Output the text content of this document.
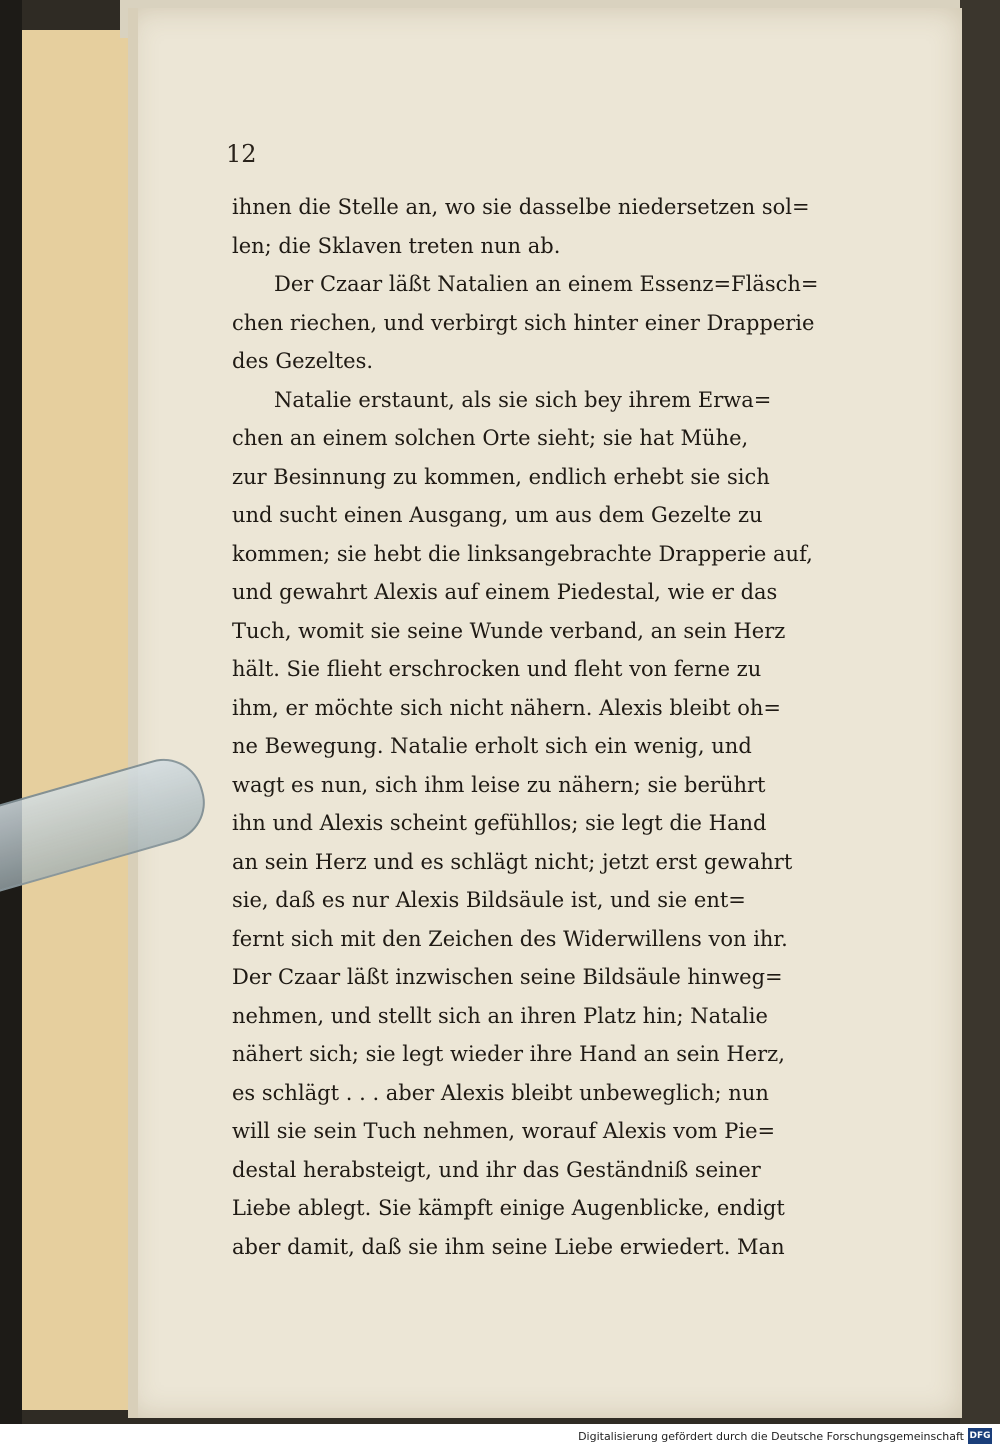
12
ihnen die Stelle an, wo sie dasselbe niedersetzen sol=
len; die Sklaven treten nun ab.
Der Czaar läßt Natalien an einem Essenz=Fläsch=
chen riechen, und verbirgt sich hinter einer Drapperie
des Gezeltes.
Natalie erstaunt, als sie sich bey ihrem Erwa=
chen an einem solchen Orte sieht; sie hat Mühe,
zur Besinnung zu kommen, endlich erhebt sie sich
und sucht einen Ausgang, um aus dem Gezelte zu
kommen; sie hebt die linksangebrachte Drapperie auf,
und gewahrt Alexis auf einem Piedestal, wie er das
Tuch, womit sie seine Wunde verband, an sein Herz
hält. Sie flieht erschrocken und fleht von ferne zu
ihm, er möchte sich nicht nähern. Alexis bleibt oh=
ne Bewegung. Natalie erholt sich ein wenig, und
wagt es nun, sich ihm leise zu nähern; sie berührt
ihn und Alexis scheint gefühllos; sie legt die Hand
an sein Herz und es schlägt nicht; jetzt erst gewahrt
sie, daß es nur Alexis Bildsäule ist, und sie ent=
fernt sich mit den Zeichen des Widerwillens von ihr.
Der Czaar läßt inzwischen seine Bildsäule hinweg=
nehmen, und stellt sich an ihren Platz hin; Natalie
nähert sich; sie legt wieder ihre Hand an sein Herz,
es schlägt . . . aber Alexis bleibt unbeweglich; nun
will sie sein Tuch nehmen, worauf Alexis vom Pie=
destal herabsteigt, und ihr das Geständniß seiner
Liebe ablegt. Sie kämpft einige Augenblicke, endigt
aber damit, daß sie ihm seine Liebe erwiedert. Man
Digitalisierung gefördert durch die Deutsche Forschungsgemeinschaft DFG
